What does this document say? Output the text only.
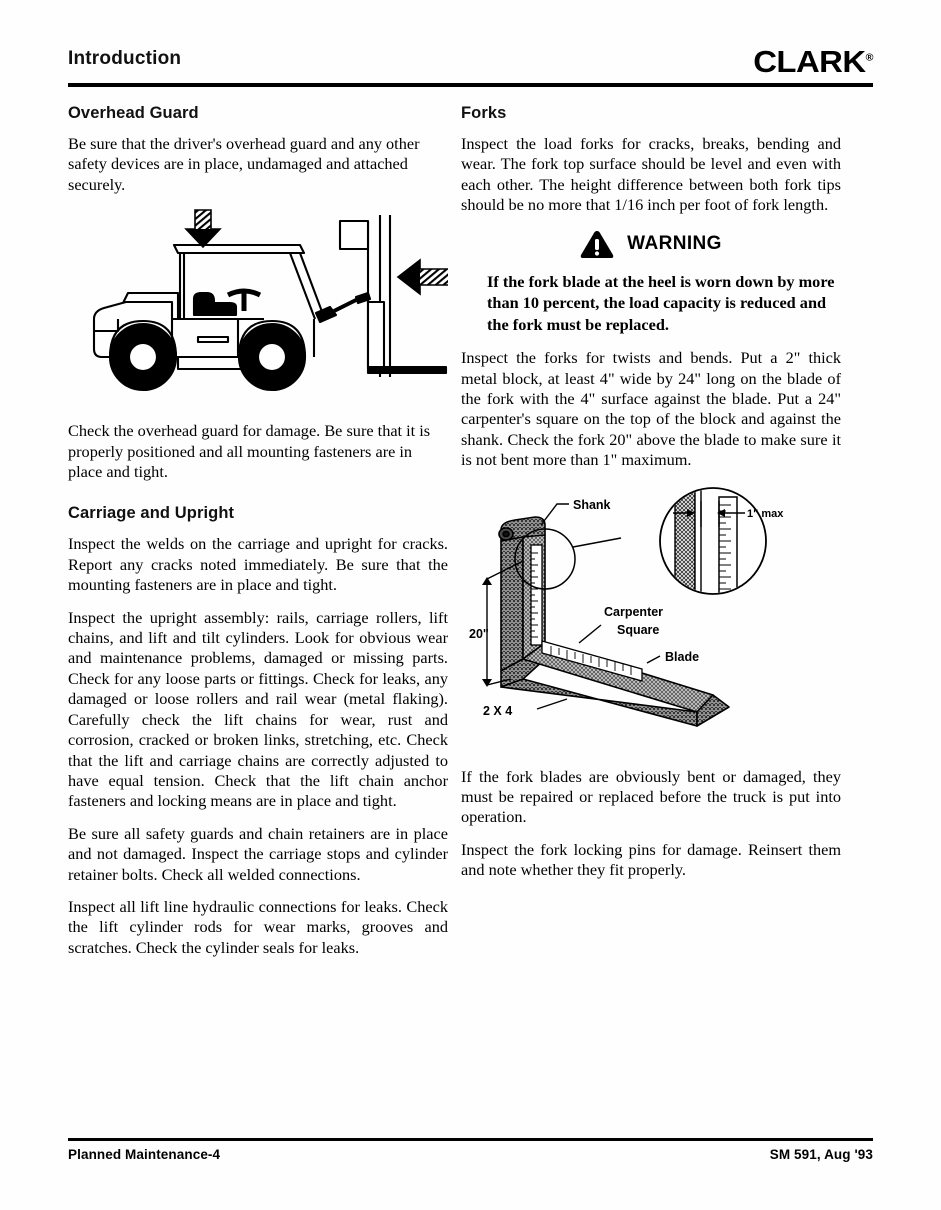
Introduction	CLARK®
Overhead Guard

Be sure that the driver's overhead guard and any other safety devices are in place, undamaged and attached securely.

Check the overhead guard for damage. Be sure that it is properly positioned and all mounting fasteners are in place and tight.

Carriage and Upright

Inspect the welds on the carriage and upright for cracks. Report any cracks noted immediately. Be sure that the mounting fasteners are in place and tight.

Inspect the upright assembly: rails, carriage rollers, lift chains, and lift and tilt cylinders. Look for obvious wear and maintenance problems, damaged or missing parts. Check for any loose parts or fittings. Check for leaks, any damaged or loose rollers and rail wear (metal flaking). Carefully check the lift chains for wear, rust and corrosion, cracked or broken links, stretching, etc. Check that the lift and carriage chains are correctly adjusted to have equal tension. Check that the lift chain anchor fasteners and locking means are in place and tight.

Be sure all safety guards and chain retainers are in place and not damaged. Inspect the carriage stops and cylinder retainer bolts. Check all welded connections.

Inspect all lift line hydraulic connections for leaks. Check the lift cylinder rods for wear marks, grooves and scratches. Check the cylinder seals for leaks.

Forks

Inspect the load forks for cracks, breaks, bending and wear. The fork top surface should be level and even with each other. The height difference between both fork tips should be no more that 1/16 inch per foot of fork length.

WARNING

If the fork blade at the heel is worn down by more than 10 percent, the load capacity is reduced and the fork must be replaced.

Inspect the forks for twists and bends. Put a 2" thick metal block, at least 4" wide by 24" long on the blade of the fork with the 4" surface against the blade. Put a 24" carpenter's square on the top of the block and against the shank. Check the fork 20" above the blade to make sure it is not bent more than 1" maximum.

20"
2 X 4
Shank
Carpenter
Square
Blade
1" max

If the fork blades are obviously bent or damaged, they must be repaired or replaced before the truck is put into operation.

Inspect the fork locking pins for damage. Reinsert them and note whether they fit properly.

Planned Maintenance-4	SM 591, Aug '93
